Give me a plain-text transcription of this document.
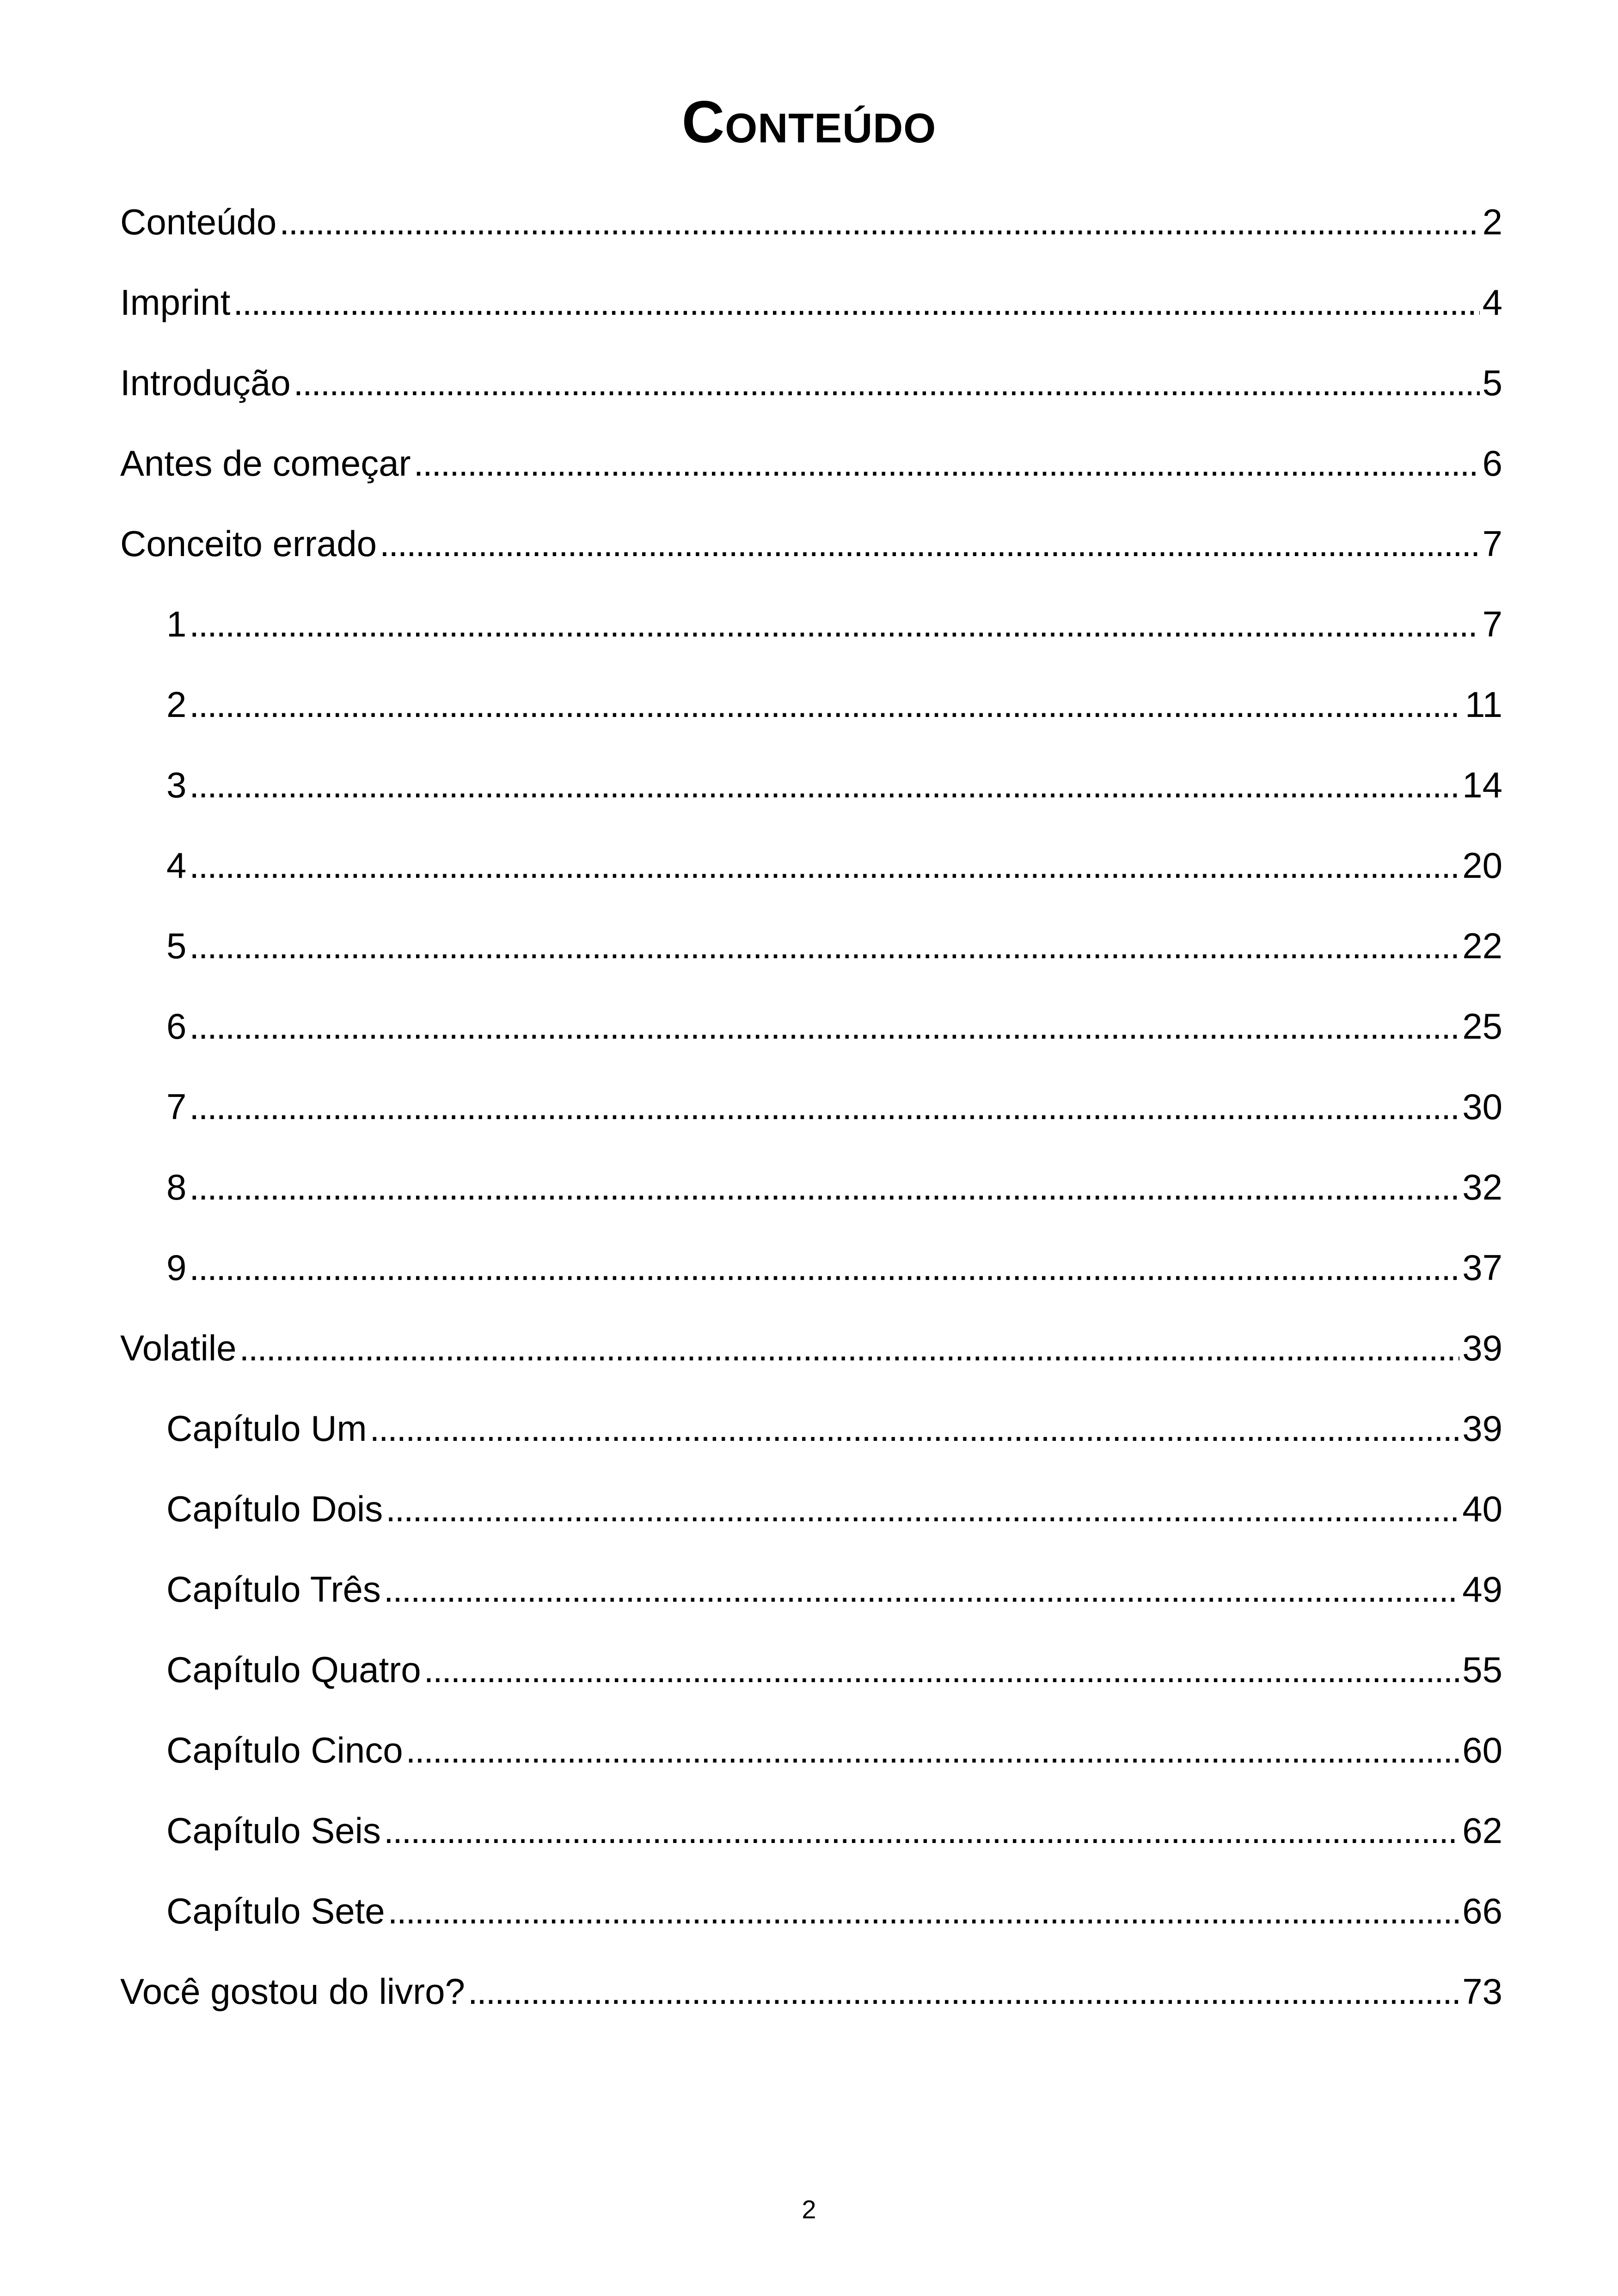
Conteúdo
Conteúdo . . .	2
Imprint . . .	4
Introdução . . .	5
Antes de começar . . .	6
Conceito errado . . .	7
1 . . .	7
2 . . .	11
3 . . .	14
4 . . .	20
5 . . .	22
6 . . .	25
7 . . .	30
8 . . .	32
9 . . .	37
Volatile . . .	39
Capítulo Um . . .	39
Capítulo Dois . . .	40
Capítulo Três . . .	49
Capítulo Quatro . . .	55
Capítulo Cinco . . .	60
Capítulo Seis . . .	62
Capítulo Sete . . .	66
Você gostou do livro? . . .	73
2
